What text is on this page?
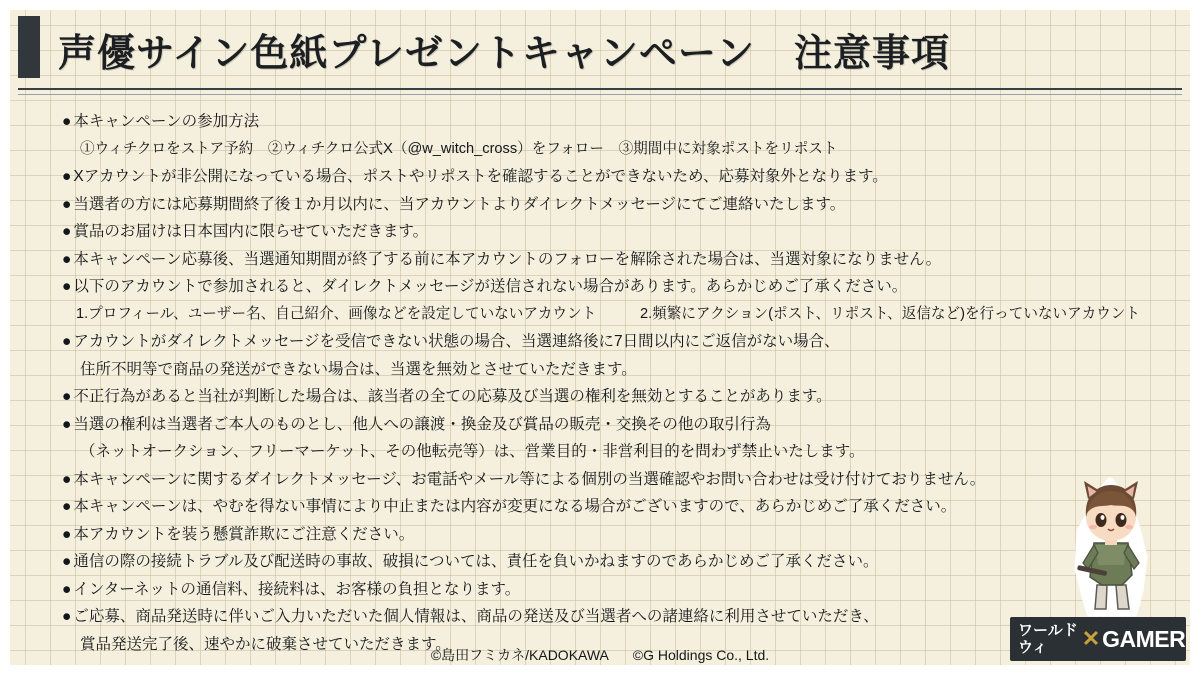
声優サイン色紙プレゼントキャンペーン　注意事項
● 本キャンペーンの参加方法
①ウィチクロをストア予約　②ウィチクロ公式X（@w_witch_cross）をフォロー　③期間中に対象ポストをリポスト
● Xアカウントが非公開になっている場合、ポストやリポストを確認することができないため、応募対象外となります。
● 当選者の方には応募期間終了後１か月以内に、当アカウントよりダイレクトメッセージにてご連絡いたします。
● 賞品のお届けは日本国内に限らせていただきます。
● 本キャンペーン応募後、当選通知期間が終了する前に本アカウントのフォローを解除された場合は、当選対象になりません。
● 以下のアカウントで参加されると、ダイレクトメッセージが送信されない場合があります。あらかじめご了承ください。
1.プロフィール、ユーザー名、自己紹介、画像などを設定していないアカウント　　　2.頻繁にアクション(ポスト、リポスト、返信など)を行っていないアカウント
● アカウントがダイレクトメッセージを受信できない状態の場合、当選連絡後に7日間以内にご返信がない場合、
住所不明等で商品の発送ができない場合は、当選を無効とさせていただきます。
● 不正行為があると当社が判断した場合は、該当者の全ての応募及び当選の権利を無効とすることがあります。
● 当選の権利は当選者ご本人のものとし、他人への譲渡・換金及び賞品の販売・交換その他の取引行為
（ネットオークション、フリーマーケット、その他転売等）は、営業目的・非営利目的を問わず禁止いたします。
● 本キャンペーンに関するダイレクトメッセージ、お電話やメール等による個別の当選確認やお問い合わせは受け付けておりません。
● 本キャンペーンは、やむを得ない事情により中止または内容が変更になる場合がございますので、あらかじめご了承ください。
● 本アカウントを装う懸賞詐欺にご注意ください。
● 通信の際の接続トラブル及び配送時の事故、破損については、責任を負いかねますのであらかじめご了承ください。
● インターネットの通信料、接続料は、お客様の負担となります。
● ご応募、商品発送時に伴いご入力いただいた個人情報は、商品の発送及び当選者への諸連絡に利用させていただき、
賞品発送完了後、速やかに破棄させていただきます。
©島田フミカネ/KADOKAWA ©G Holdings Co., Ltd.
ワールド
ウィ	✕ GAMER
